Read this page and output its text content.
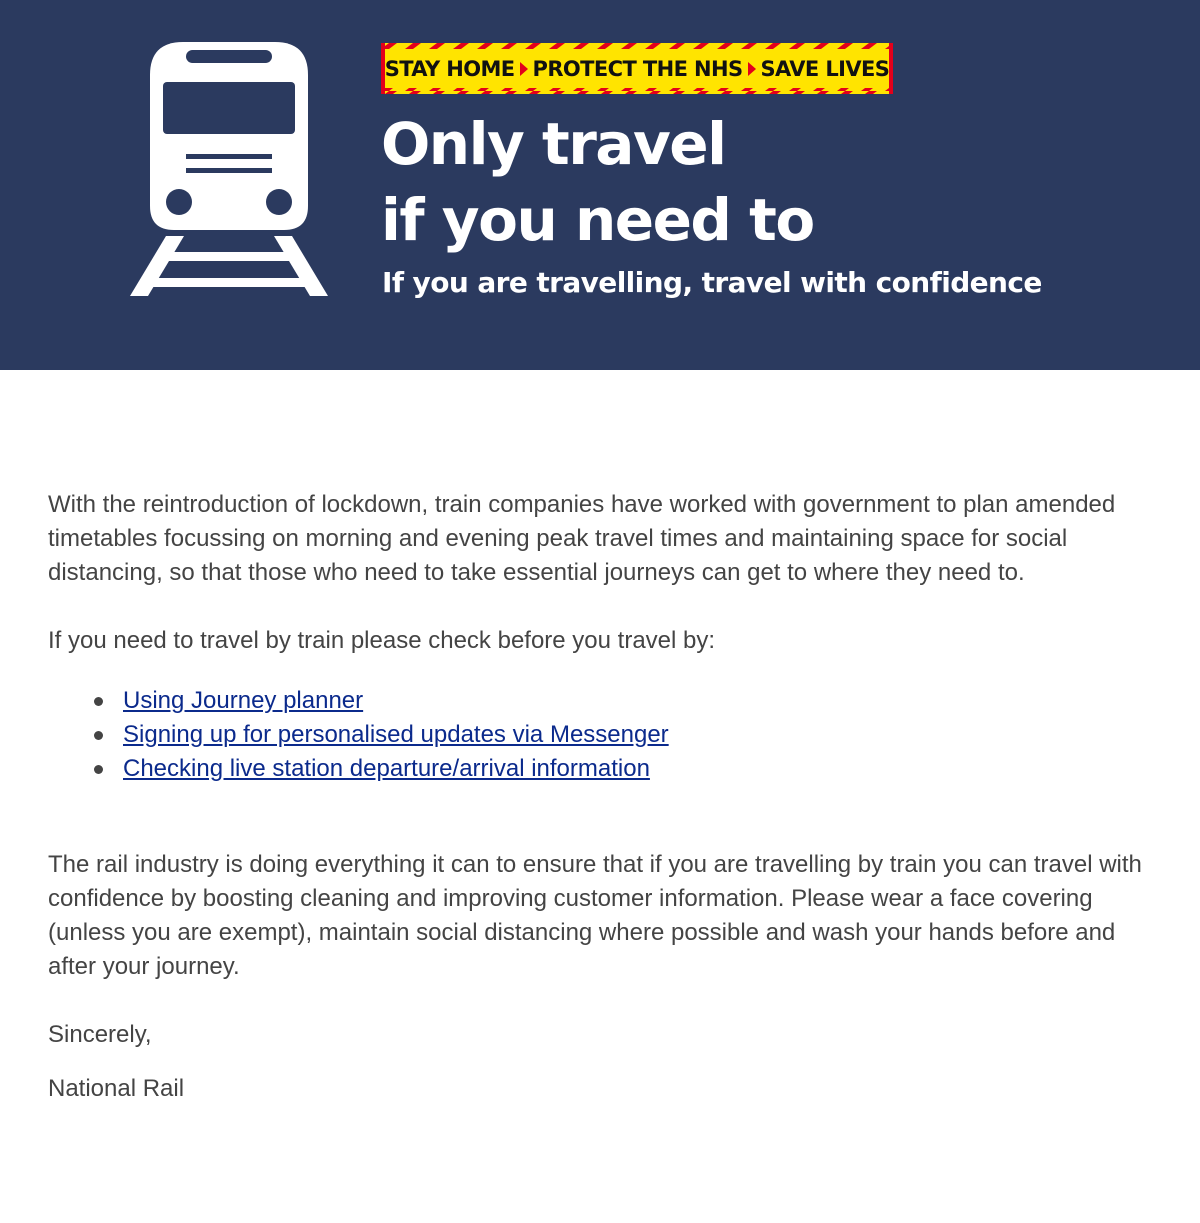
STAY HOME PROTECT THE NHS SAVE LIVES
Only travel
if you need to

If you are travelling, travel with confidence

With the reintroduction of lockdown, train companies have worked with government to plan amended timetables focussing on morning and evening peak travel times and maintaining space for social distancing, so that those who need to take essential journeys can get to where they need to.

If you need to travel by train please check before you travel by:

Using Journey planner
Signing up for personalised updates via Messenger
Checking live station departure/arrival information

The rail industry is doing everything it can to ensure that if you are travelling by train you can travel with confidence by boosting cleaning and improving customer information. Please wear a face covering (unless you are exempt), maintain social distancing where possible and wash your hands before and after your journey.

Sincerely,

National Rail
